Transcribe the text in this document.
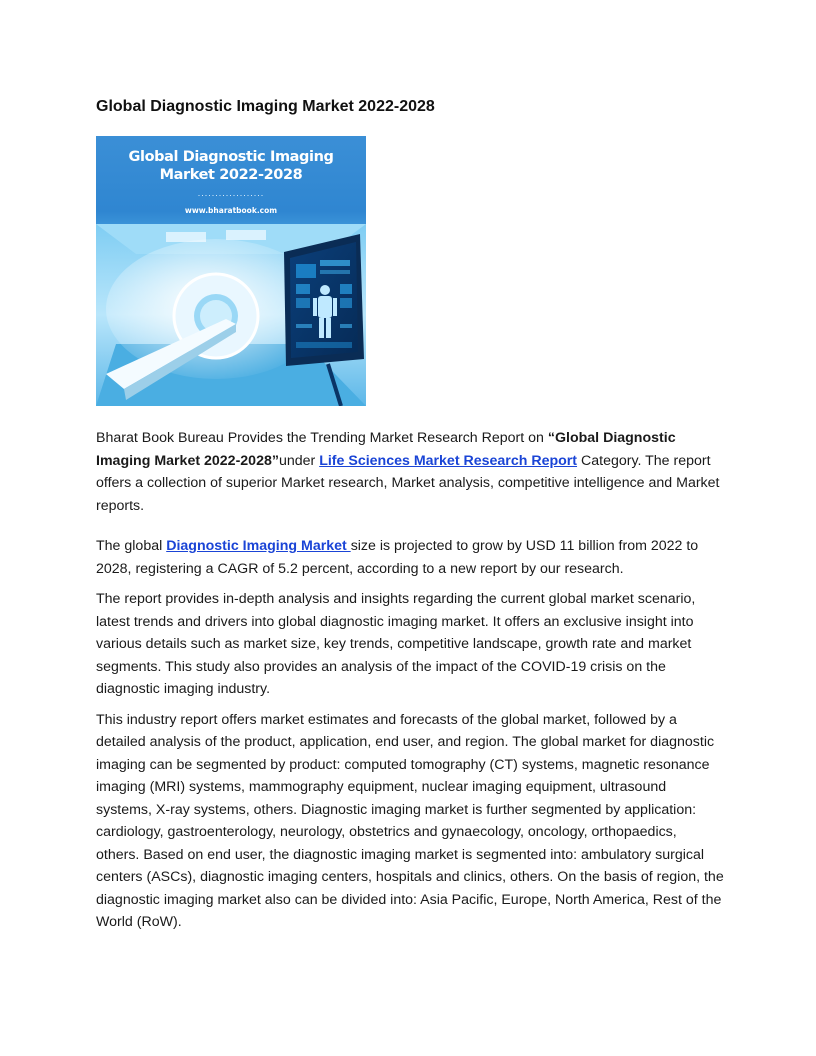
Global Diagnostic Imaging Market 2022-2028
Global Diagnostic Imaging
Market 2022-2028
...................
www.bharatbook.com

Bharat Book Bureau Provides the Trending Market Research Report on “Global Diagnostic Imaging Market 2022-2028”under Life Sciences Market Research Report Category. The report offers a collection of superior Market research, Market analysis, competitive intelligence and Market reports.

The global Diagnostic Imaging Market size is projected to grow by USD 11 billion from 2022 to 2028, registering a CAGR of 5.2 percent, according to a new report by our research.

The report provides in-depth analysis and insights regarding the current global market scenario, latest trends and drivers into global diagnostic imaging market. It offers an exclusive insight into various details such as market size, key trends, competitive landscape, growth rate and market segments. This study also provides an analysis of the impact of the COVID-19 crisis on the diagnostic imaging industry.

This industry report offers market estimates and forecasts of the global market, followed by a detailed analysis of the product, application, end user, and region. The global market for diagnostic imaging can be segmented by product: computed tomography (CT) systems, magnetic resonance imaging (MRI) systems, mammography equipment, nuclear imaging equipment, ultrasound systems, X-ray systems, others. Diagnostic imaging market is further segmented by application: cardiology, gastroenterology, neurology, obstetrics and gynaecology, oncology, orthopaedics, others. Based on end user, the diagnostic imaging market is segmented into: ambulatory surgical centers (ASCs), diagnostic imaging centers, hospitals and clinics, others. On the basis of region, the diagnostic imaging market also can be divided into: Asia Pacific, Europe, North America, Rest of the World (RoW).
